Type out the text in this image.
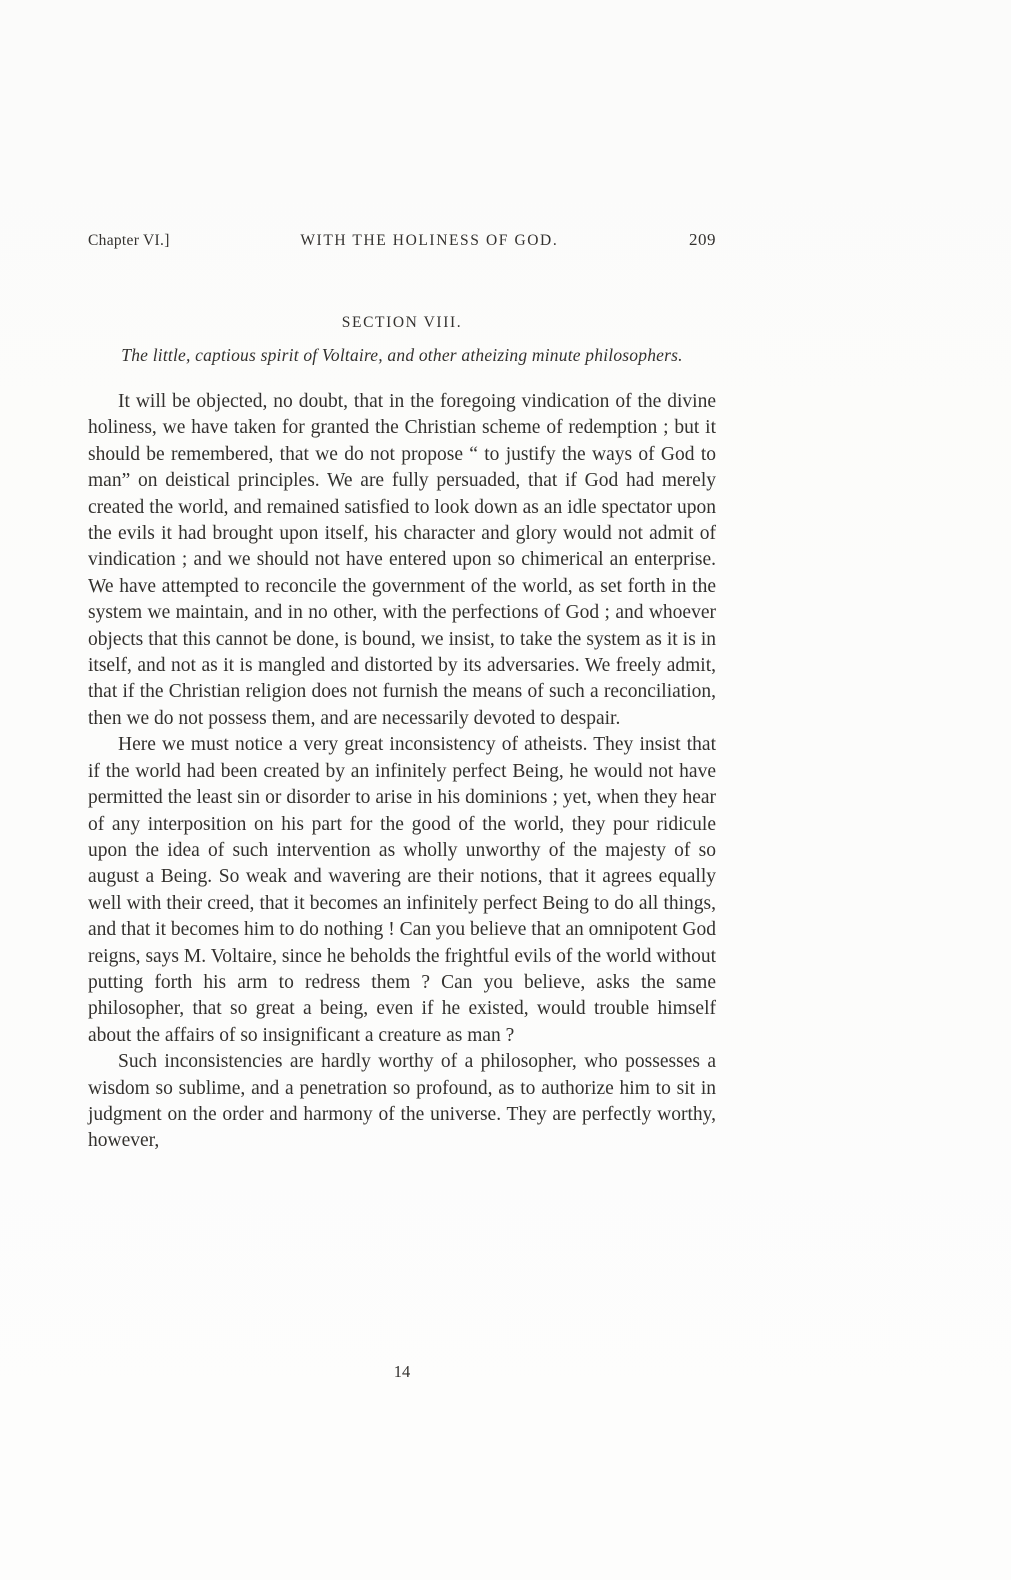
Chapter VI.]	WITH THE HOLINESS OF GOD.	209
SECTION VIII.
The little, captious spirit of Voltaire, and other atheizing minute philosophers.

It will be objected, no doubt, that in the foregoing vindication of the divine holiness, we have taken for granted the Christian scheme of redemption ; but it should be remembered, that we do not propose “ to justify the ways of God to man” on deistical principles. We are fully persuaded, that if God had merely created the world, and remained satisfied to look down as an idle spectator upon the evils it had brought upon itself, his character and glory would not admit of vindication ; and we should not have entered upon so chimerical an enterprise. We have attempted to reconcile the government of the world, as set forth in the system we maintain, and in no other, with the perfections of God ; and whoever objects that this cannot be done, is bound, we insist, to take the system as it is in itself, and not as it is mangled and distorted by its adversaries. We freely admit, that if the Christian religion does not furnish the means of such a reconciliation, then we do not possess them, and are necessarily devoted to despair.

Here we must notice a very great inconsistency of atheists. They insist that if the world had been created by an infinitely perfect Being, he would not have permitted the least sin or disorder to arise in his dominions ; yet, when they hear of any interposition on his part for the good of the world, they pour ridicule upon the idea of such intervention as wholly unworthy of the majesty of so august a Being. So weak and wavering are their notions, that it agrees equally well with their creed, that it becomes an infinitely perfect Being to do all things, and that it becomes him to do nothing ! Can you believe that an omnipotent God reigns, says M. Voltaire, since he beholds the frightful evils of the world without putting forth his arm to redress them ? Can you believe, asks the same philosopher, that so great a being, even if he existed, would trouble himself about the affairs of so insignificant a creature as man ?

Such inconsistencies are hardly worthy of a philosopher, who possesses a wisdom so sublime, and a penetration so profound, as to authorize him to sit in judgment on the order and harmony of the universe. They are perfectly worthy, however,

14
